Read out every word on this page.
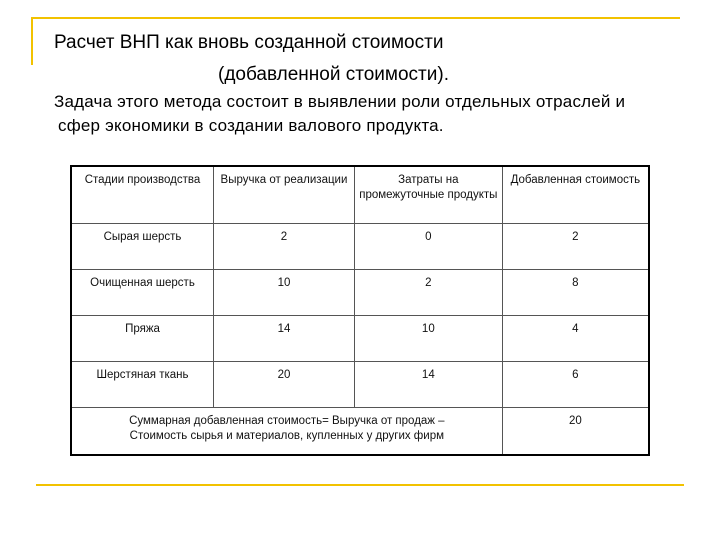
Расчет ВНП как вновь созданной стоимости
(добавленной стоимости).
Задача этого метода состоит в выявлении роли отдельных отраслей и
сфер экономики в создании валового продукта.
Стадии производства	Выручка от реализации	Затраты на промежуточные продукты	Добавленная стоимость
Сырая шерсть	2	0	2
Очищенная шерсть	10	2	8
Пряжа	14	10	4
Шерстяная ткань	20	14	6

Суммарная добавленная стоимость= Выручка от продаж –
Стоимость сырья и материалов, купленных у других фирм			20
